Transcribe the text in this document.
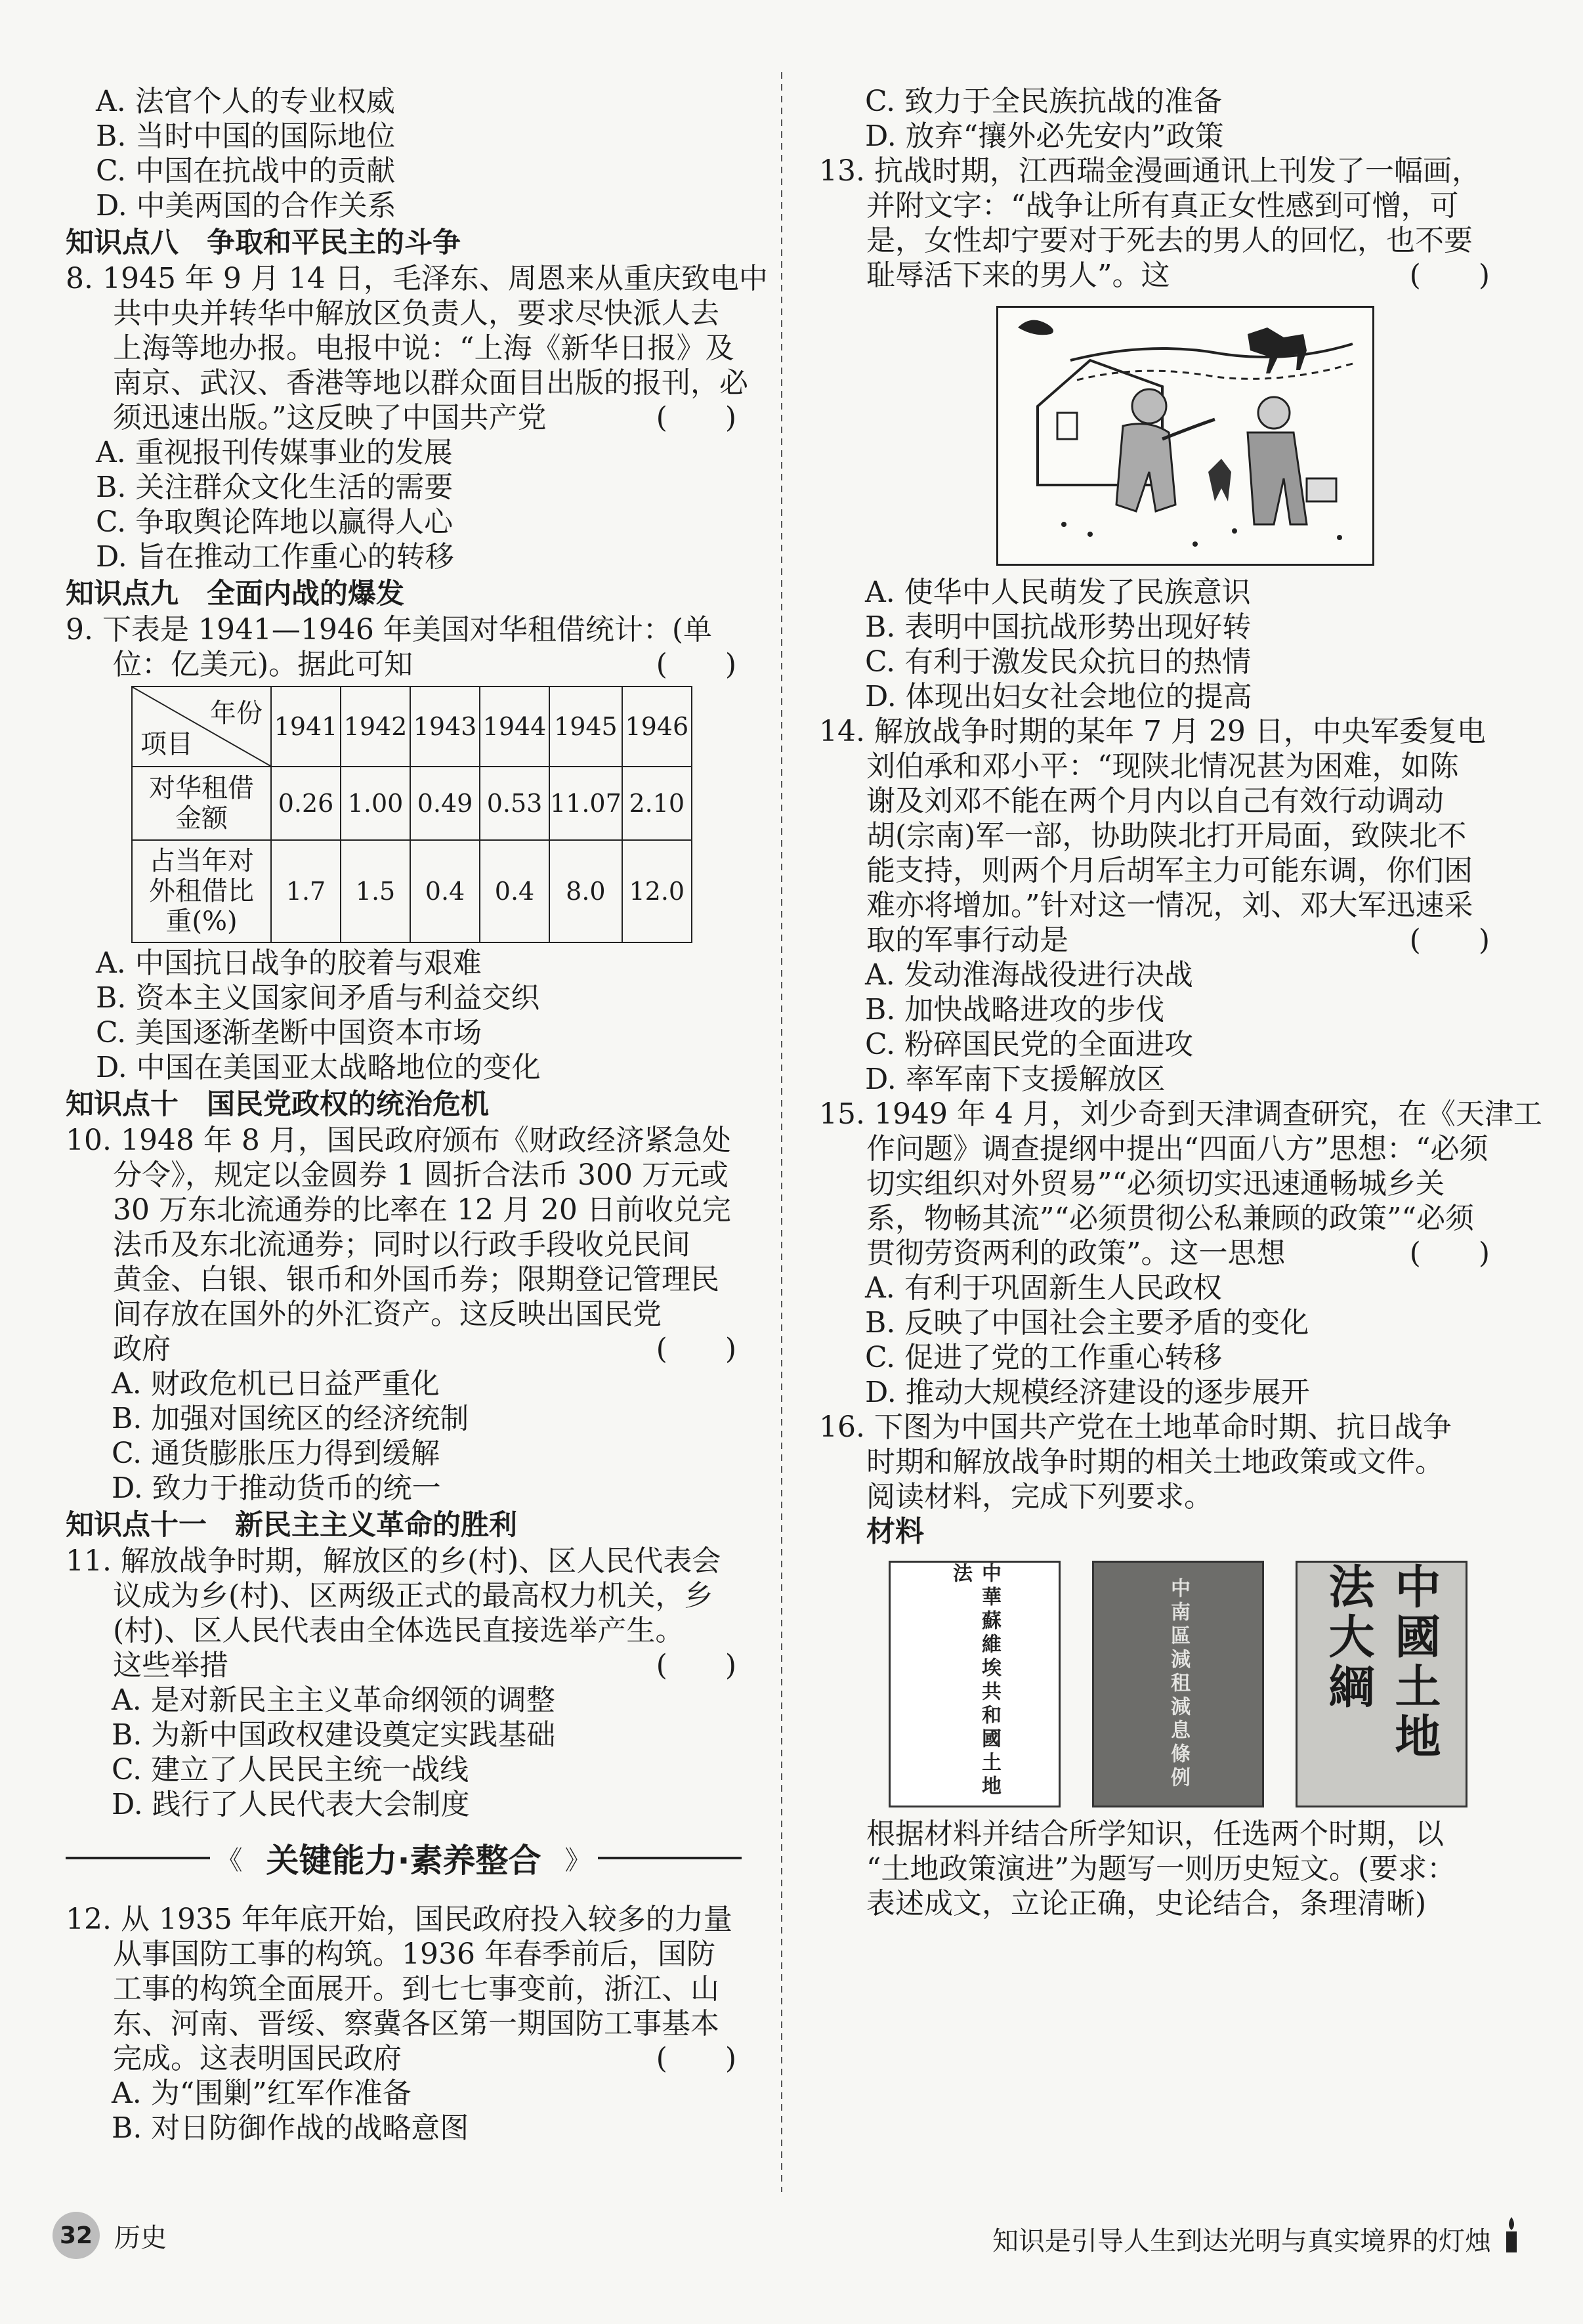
A. 法官个人的专业权威
B. 当时中国的国际地位
C. 中国在抗战中的贡献
D. 中美两国的合作关系
知识点八　争取和平民主的斗争
8. 1945 年 9 月 14 日，毛泽东、周恩来从重庆致电中
共中央并转华中解放区负责人，要求尽快派人去
上海等地办报。电报中说：“上海《新华日报》及
南京、武汉、香港等地以群众面目出版的报刊，必
须迅速出版。”这反映了中国共产党	(　　)
A. 重视报刊传媒事业的发展
B. 关注群众文化生活的需要
C. 争取舆论阵地以赢得人心
D. 旨在推动工作重心的转移
知识点九　全面内战的爆发
9. 下表是 1941—1946 年美国对华租借统计：(单
位：亿美元)。据此可知	(　　)
年份
项目	1941	1942	1943	1944	1945	1946

对华租借
金额	0.26	1.00	0.49	0.53	11.07	2.10

占当年对
外租借比
重(%)	1.7	1.5	0.4	0.4	8.0	12.0
A. 中国抗日战争的胶着与艰难
B. 资本主义国家间矛盾与利益交织
C. 美国逐渐垄断中国资本市场
D. 中国在美国亚太战略地位的变化
知识点十　国民党政权的统治危机
10. 1948 年 8 月，国民政府颁布《财政经济紧急处
分令》，规定以金圆券 1 圆折合法币 300 万元或
30 万东北流通券的比率在 12 月 20 日前收兑完
法币及东北流通券；同时以行政手段收兑民间
黄金、白银、银币和外国币券；限期登记管理民
间存放在国外的外汇资产。这反映出国民党
政府	(　　)
A. 财政危机已日益严重化
B. 加强对国统区的经济统制
C. 通货膨胀压力得到缓解
D. 致力于推动货币的统一
知识点十一　新民主主义革命的胜利
11. 解放战争时期，解放区的乡(村)、区人民代表会
议成为乡(村)、区两级正式的最高权力机关，乡
(村)、区人民代表由全体选民直接选举产生。
这些举措	(　　)
A. 是对新民主主义革命纲领的调整
B. 为新中国政权建设奠定实践基础
C. 建立了人民民主统一战线
D. 践行了人民代表大会制度
《 关键能力·素养整合 》
12. 从 1935 年年底开始，国民政府投入较多的力量
从事国防工事的构筑。1936 年春季前后，国防
工事的构筑全面展开。到七七事变前，浙江、山
东、河南、晋绥、察冀各区第一期国防工事基本
完成。这表明国民政府	(　　)
A. 为“围剿”红军作准备
B. 对日防御作战的战略意图
C. 致力于全民族抗战的准备
D. 放弃“攘外必先安内”政策
13. 抗战时期，江西瑞金漫画通讯上刊发了一幅画，
并附文字：“战争让所有真正女性感到可憎，可
是，女性却宁要对于死去的男人的回忆，也不要
耻辱活下来的男人”。这	(　　)
A. 使华中人民萌发了民族意识
B. 表明中国抗战形势出现好转
C. 有利于激发民众抗日的热情
D. 体现出妇女社会地位的提高
14. 解放战争时期的某年 7 月 29 日，中央军委复电
刘伯承和邓小平：“现陕北情况甚为困难，如陈
谢及刘邓不能在两个月内以自己有效行动调动
胡(宗南)军一部，协助陕北打开局面，致陕北不
能支持，则两个月后胡军主力可能东调，你们困
难亦将增加。”针对这一情况，刘、邓大军迅速采
取的军事行动是	(　　)
A. 发动淮海战役进行决战
B. 加快战略进攻的步伐
C. 粉碎国民党的全面进攻
D. 率军南下支援解放区
15. 1949 年 4 月，刘少奇到天津调查研究，在《天津工
作问题》调查提纲中提出“四面八方”思想：“必须
切实组织对外贸易”“必须切实迅速通畅城乡关
系，物畅其流”“必须贯彻公私兼顾的政策”“必须
贯彻劳资两利的政策”。这一思想	(　　)
A. 有利于巩固新生人民政权
B. 反映了中国社会主要矛盾的变化
C. 促进了党的工作重心转移
D. 推动大规模经济建设的逐步展开
16. 下图为中国共产党在土地革命时期、抗日战争
时期和解放战争时期的相关土地政策或文件。
阅读材料，完成下列要求。
材料
中華蘇維埃共和國土地法
中南區減租減息條例	中國土地法大綱
根据材料并结合所学知识，任选两个时期，以
“土地政策演进”为题写一则历史短文。(要求：
表述成文，立论正确，史论结合，条理清晰)
32 历史	知识是引导人生到达光明与真实境界的灯烛
